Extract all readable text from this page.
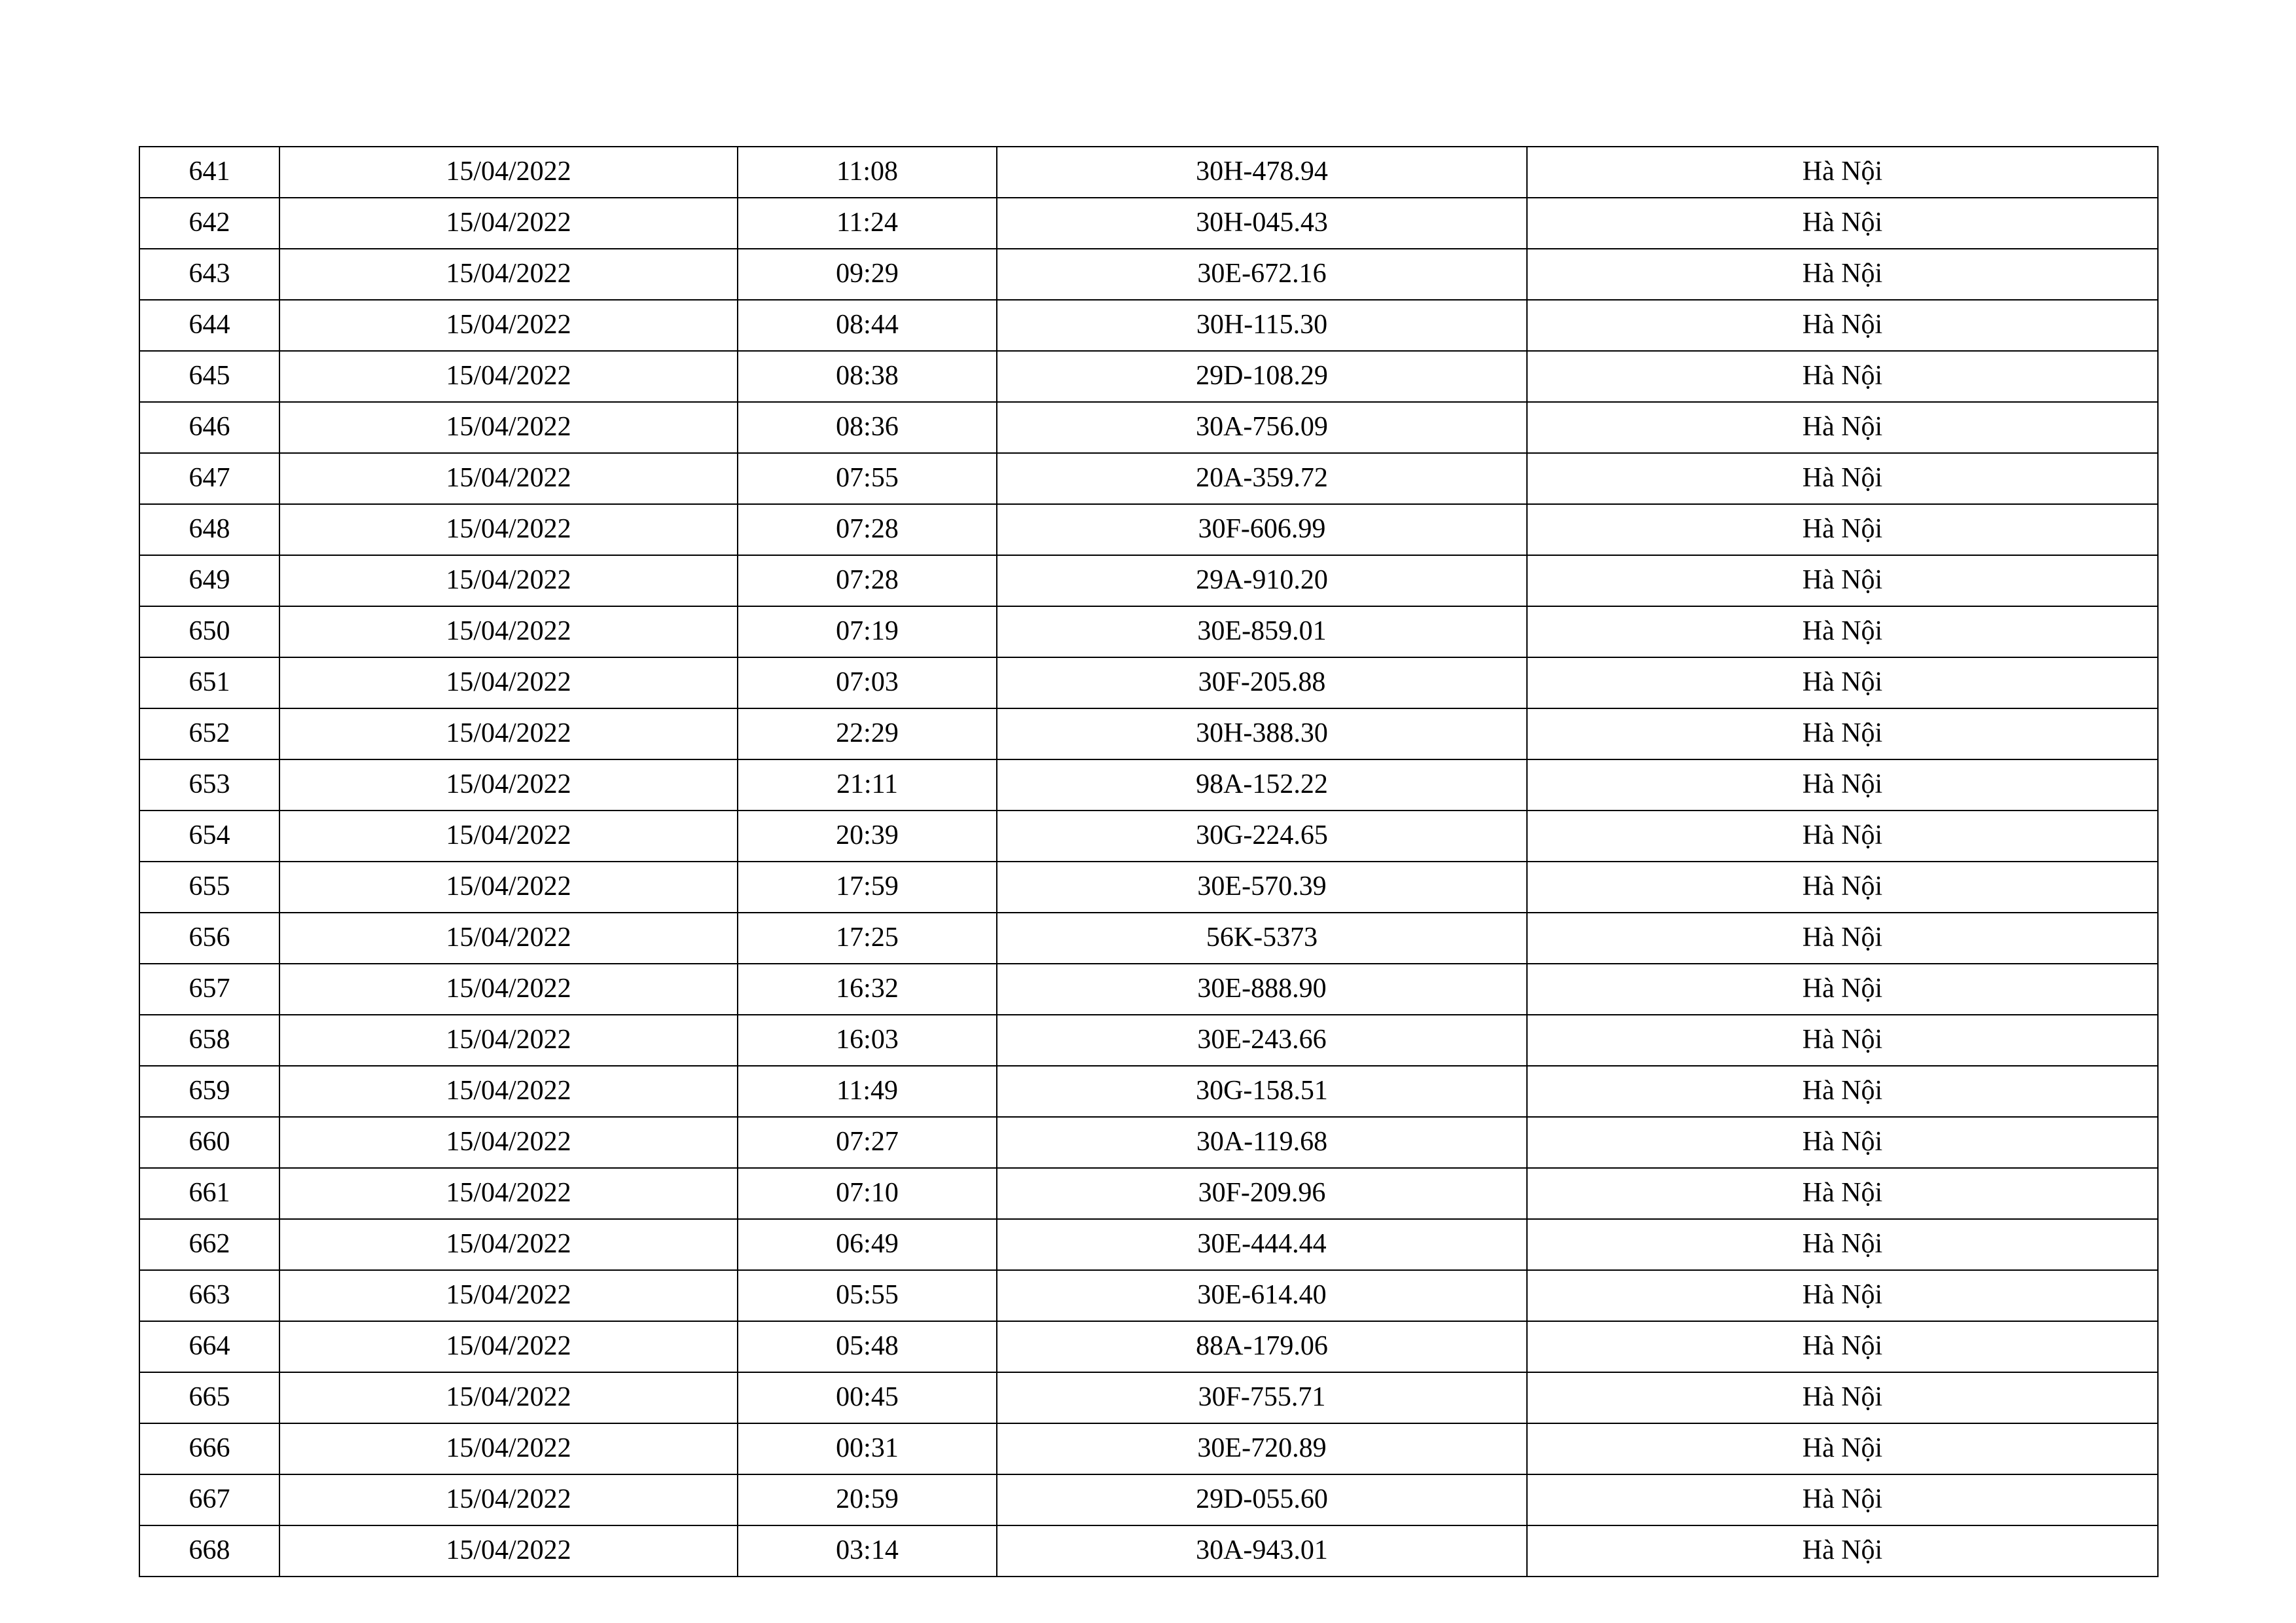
641	15/04/2022	11:08	30H-478.94	Hà Nội
642	15/04/2022	11:24	30H-045.43	Hà Nội
643	15/04/2022	09:29	30E-672.16	Hà Nội
644	15/04/2022	08:44	30H-115.30	Hà Nội
645	15/04/2022	08:38	29D-108.29	Hà Nội
646	15/04/2022	08:36	30A-756.09	Hà Nội
647	15/04/2022	07:55	20A-359.72	Hà Nội
648	15/04/2022	07:28	30F-606.99	Hà Nội
649	15/04/2022	07:28	29A-910.20	Hà Nội
650	15/04/2022	07:19	30E-859.01	Hà Nội
651	15/04/2022	07:03	30F-205.88	Hà Nội
652	15/04/2022	22:29	30H-388.30	Hà Nội
653	15/04/2022	21:11	98A-152.22	Hà Nội
654	15/04/2022	20:39	30G-224.65	Hà Nội
655	15/04/2022	17:59	30E-570.39	Hà Nội
656	15/04/2022	17:25	56K-5373	Hà Nội
657	15/04/2022	16:32	30E-888.90	Hà Nội
658	15/04/2022	16:03	30E-243.66	Hà Nội
659	15/04/2022	11:49	30G-158.51	Hà Nội
660	15/04/2022	07:27	30A-119.68	Hà Nội
661	15/04/2022	07:10	30F-209.96	Hà Nội
662	15/04/2022	06:49	30E-444.44	Hà Nội
663	15/04/2022	05:55	30E-614.40	Hà Nội
664	15/04/2022	05:48	88A-179.06	Hà Nội
665	15/04/2022	00:45	30F-755.71	Hà Nội
666	15/04/2022	00:31	30E-720.89	Hà Nội
667	15/04/2022	20:59	29D-055.60	Hà Nội
668	15/04/2022	03:14	30A-943.01	Hà Nội
